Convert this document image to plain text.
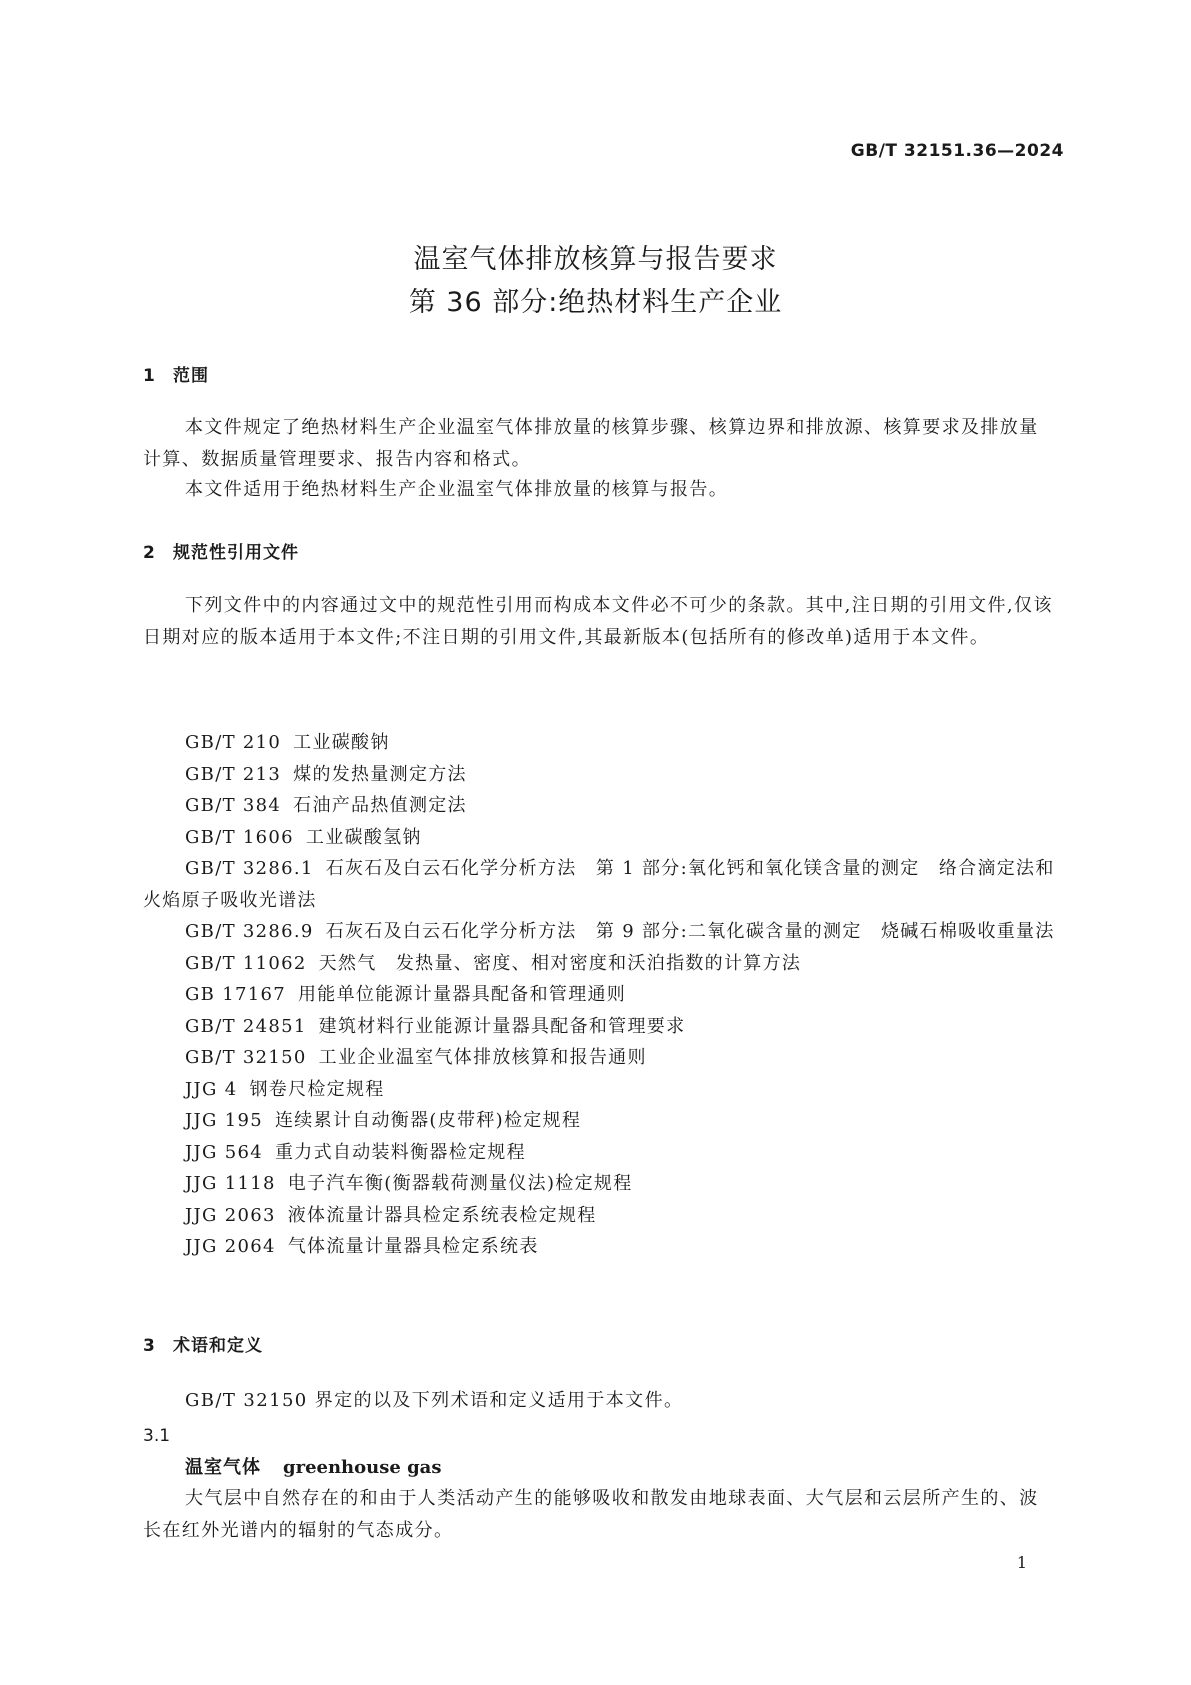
GB/T 32151.36—2024
温室气体排放核算与报告要求
第 36 部分:绝热材料生产企业
1 范围
本文件规定了绝热材料生产企业温室气体排放量的核算步骤、核算边界和排放源、核算要求及排放量计算、数据质量管理要求、报告内容和格式。
本文件适用于绝热材料生产企业温室气体排放量的核算与报告。
2 规范性引用文件
下列文件中的内容通过文中的规范性引用而构成本文件必不可少的条款。其中,注日期的引用文件,仅该日期对应的版本适用于本文件;不注日期的引用文件,其最新版本(包括所有的修改单)适用于本文件。
GB/T 210 工业碳酸钠
GB/T 213 煤的发热量测定方法
GB/T 384 石油产品热值测定法
GB/T 1606 工业碳酸氢钠
GB/T 3286.1 石灰石及白云石化学分析方法　第 1 部分:氧化钙和氧化镁含量的测定　络合滴定法和火焰原子吸收光谱法
GB/T 3286.9 石灰石及白云石化学分析方法　第 9 部分:二氧化碳含量的测定　烧碱石棉吸收重量法
GB/T 11062 天然气　发热量、密度、相对密度和沃泊指数的计算方法
GB 17167 用能单位能源计量器具配备和管理通则
GB/T 24851 建筑材料行业能源计量器具配备和管理要求
GB/T 32150 工业企业温室气体排放核算和报告通则
JJG 4 钢卷尺检定规程
JJG 195 连续累计自动衡器(皮带秤)检定规程
JJG 564 重力式自动装料衡器检定规程
JJG 1118 电子汽车衡(衡器载荷测量仪法)检定规程
JJG 2063 液体流量计器具检定系统表检定规程
JJG 2064 气体流量计量器具检定系统表
3 术语和定义
GB/T 32150 界定的以及下列术语和定义适用于本文件。
3.1
温室气体 greenhouse gas
大气层中自然存在的和由于人类活动产生的能够吸收和散发由地球表面、大气层和云层所产生的、波长在红外光谱内的辐射的气态成分。
1
